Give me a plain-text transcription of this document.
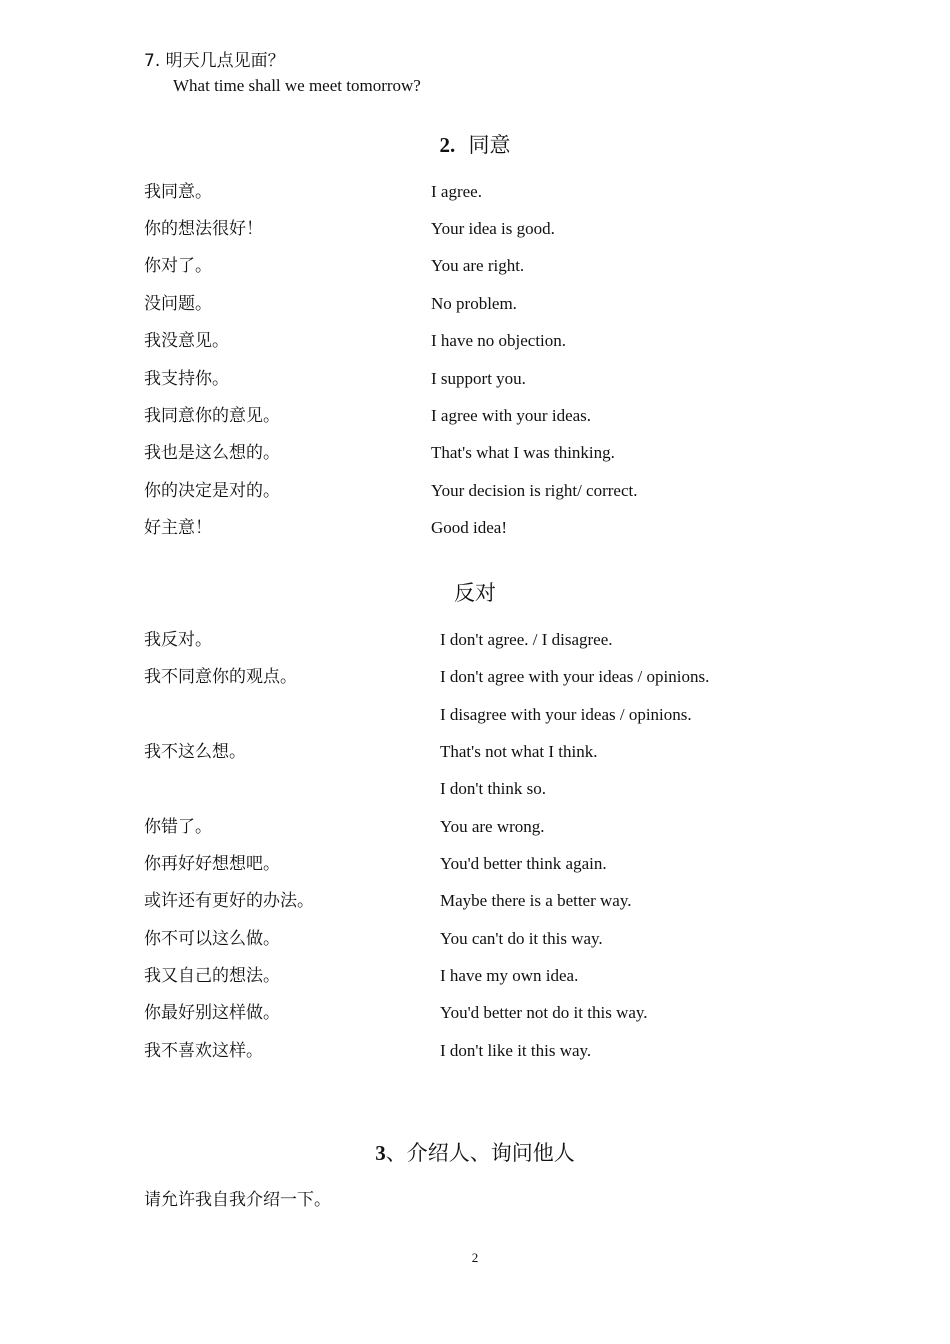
7. 明天几点见面？
What time shall we meet tomorrow?
2. 同意
我同意。	I agree.
你的想法很好！	Your idea is good.
你对了。	You are right.
没问题。	No problem.
我没意见。	I have no objection.
我支持你。	I support you.
我同意你的意见。	I agree with your ideas.
我也是这么想的。	That's what I was thinking.
你的决定是对的。	Your decision is right/ correct.
好主意！	Good idea!
反对
我反对。	I don't agree. / I disagree.
我不同意你的观点。	I don't agree with your ideas / opinions.
I disagree with your ideas / opinions.
我不这么想。	That's not what I think.
I don't think so.
你错了。	You are wrong.
你再好好想想吧。	You'd better think again.
或许还有更好的办法。	Maybe there is a better way.
你不可以这么做。	You can't do it this way.
我又自己的想法。	I have my own idea.
你最好别这样做。	You'd better not do it this way.
我不喜欢这样。	I don't like it this way.
3、介绍人、询问他人
请允许我自我介绍一下。
2
